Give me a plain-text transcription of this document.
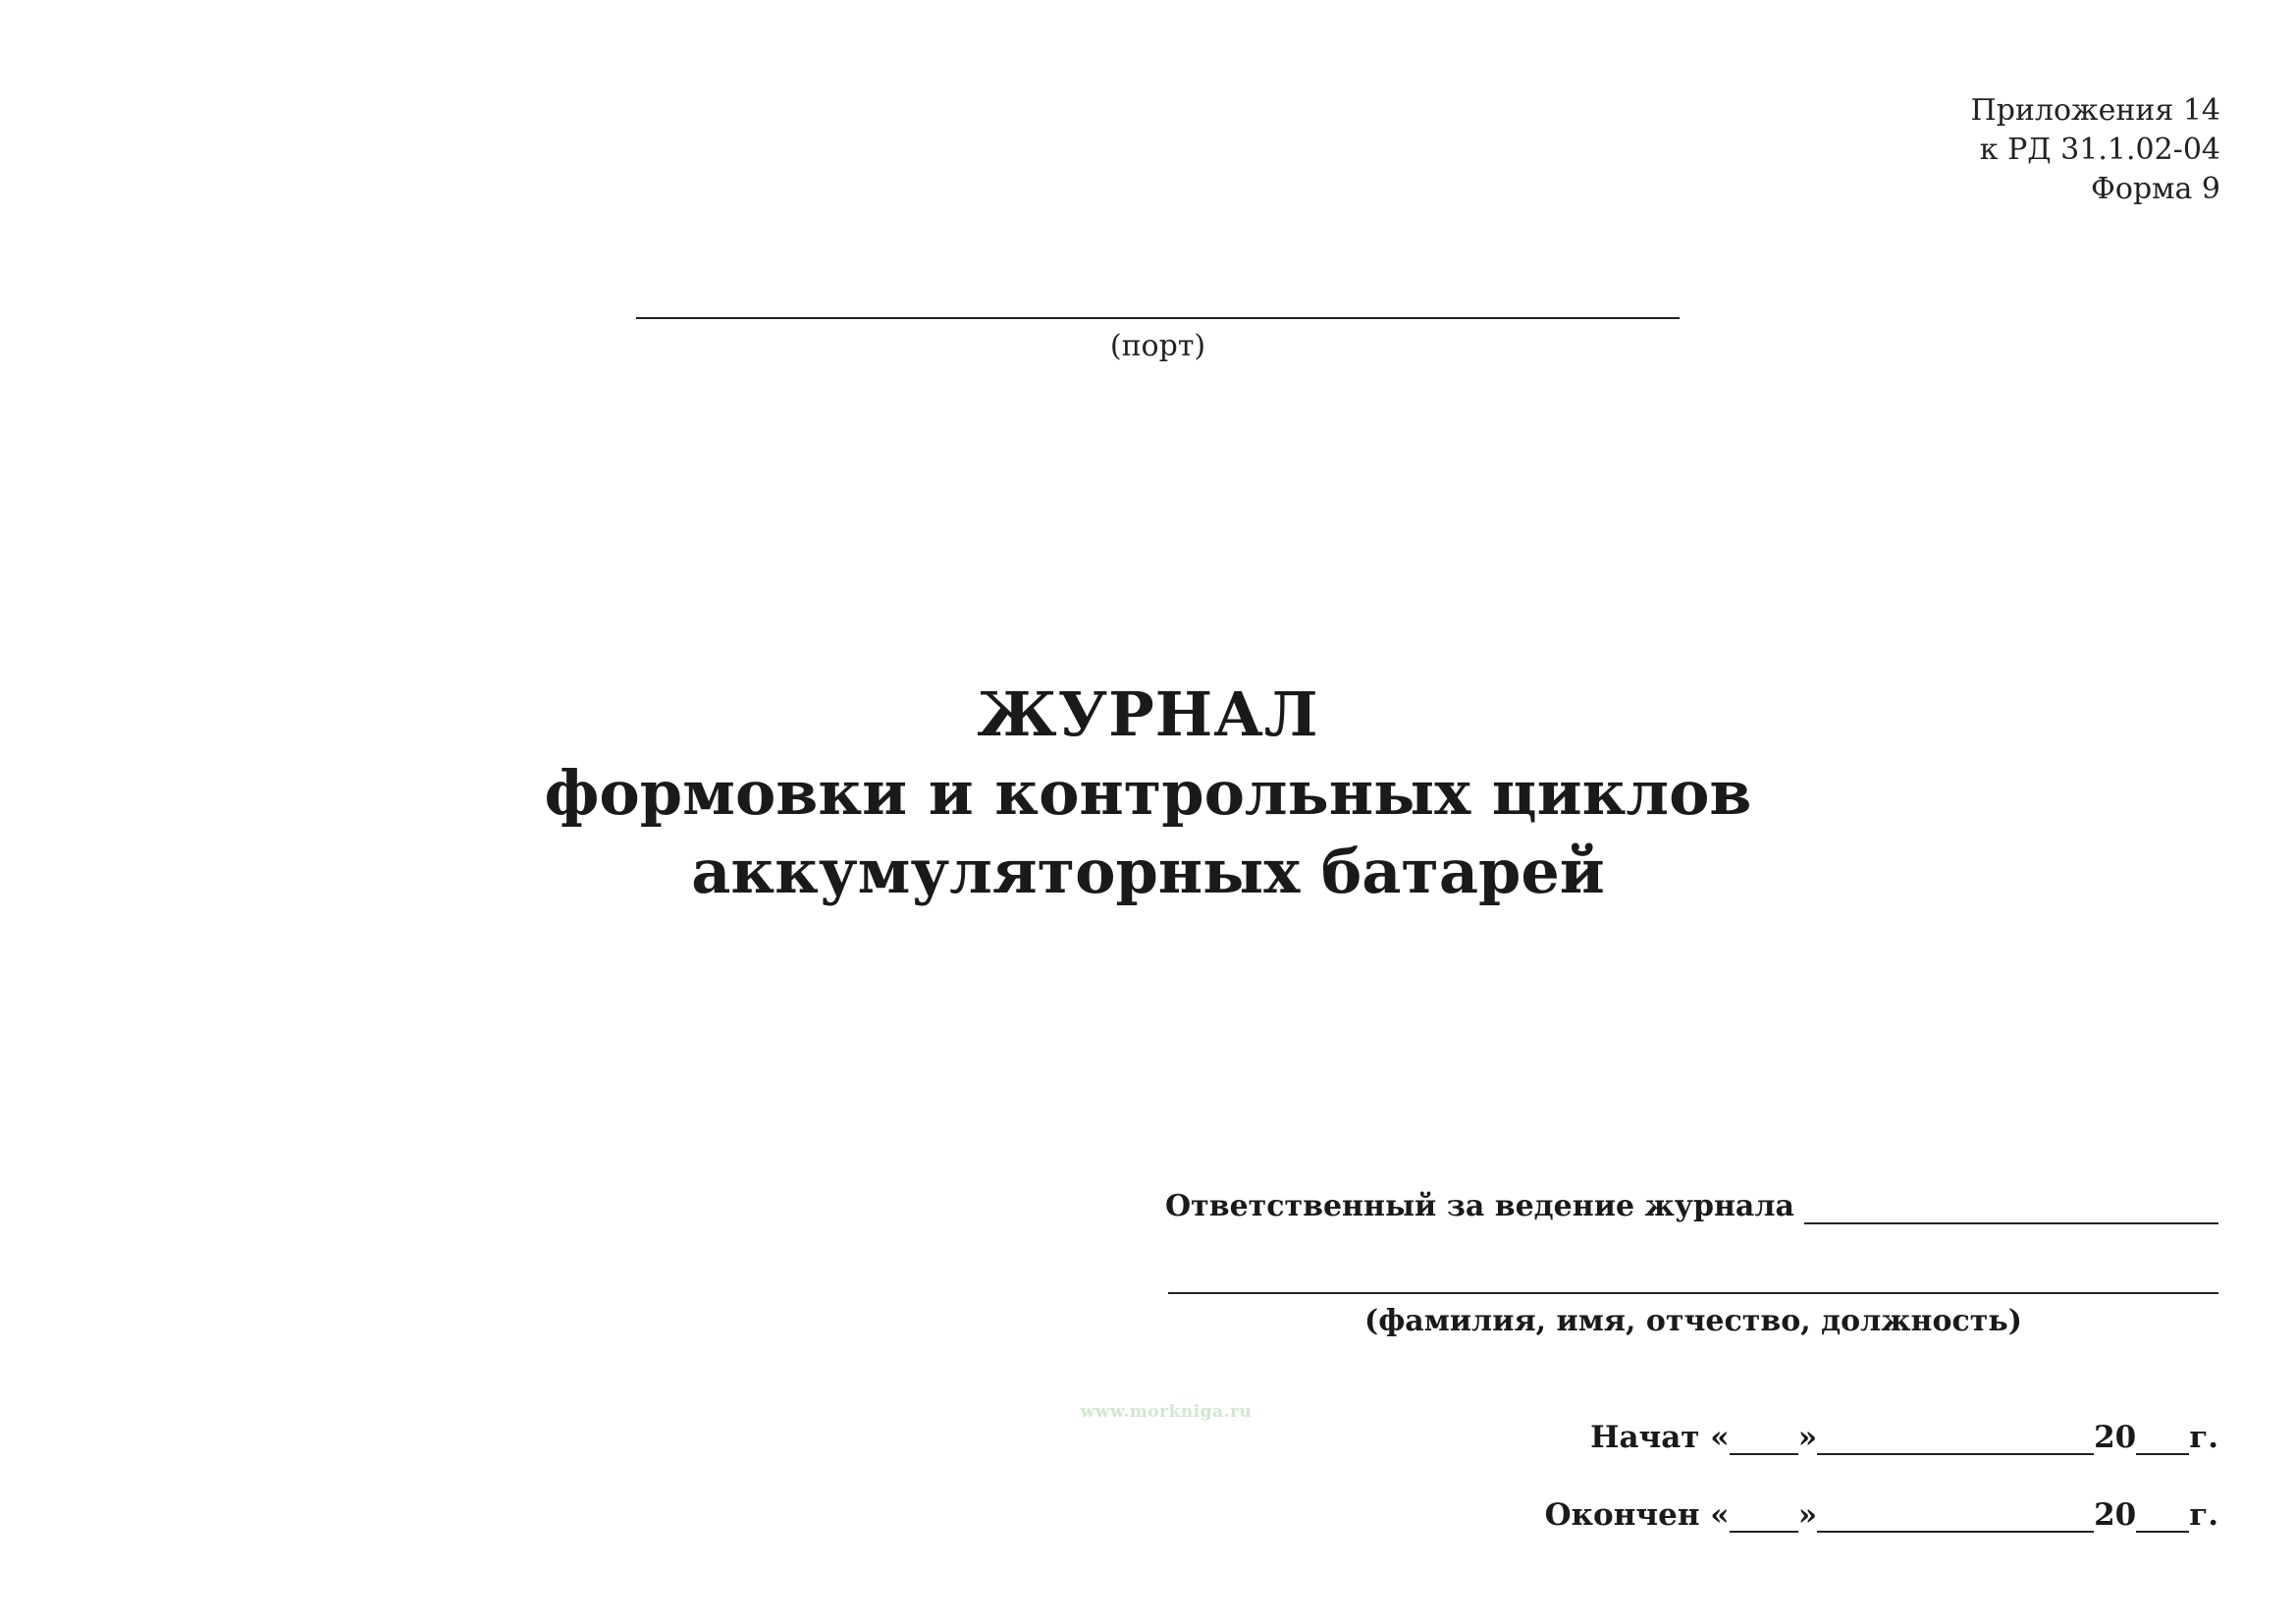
Приложения 14
к РД 31.1.02-04
Форма 9
(порт)
ЖУРНАЛ
формовки и контрольных циклов
аккумуляторных батарей
Ответственный за ведение журнала
(фамилия, имя, отчество, должность)
www.morkniga.ru
Начат « »	20 г.
Окончен « »	20 г.
